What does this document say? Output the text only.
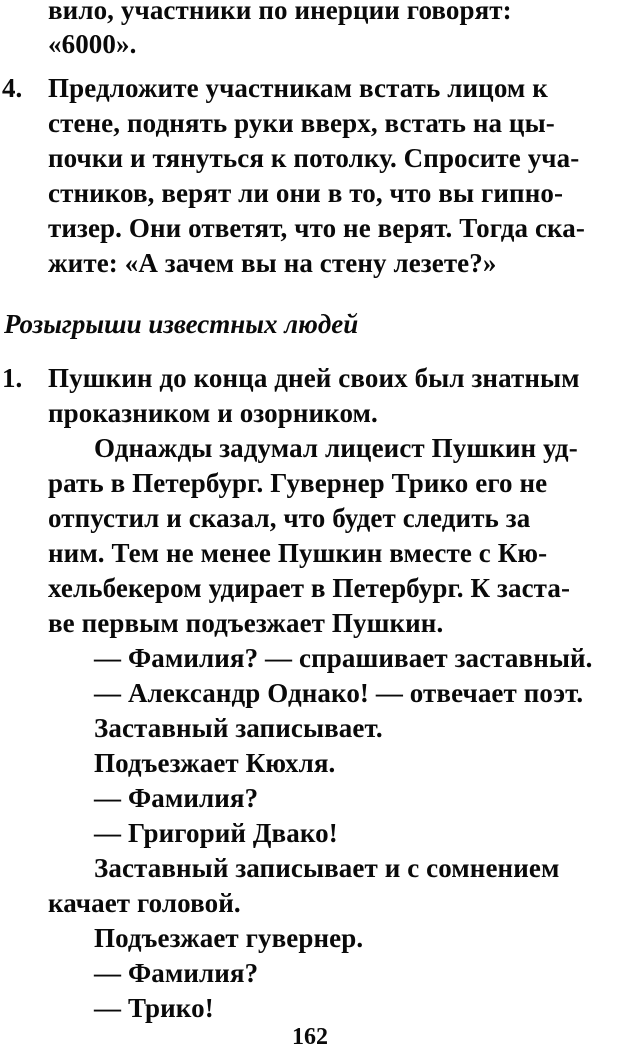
вило, участники по инерции говорят:
«6000».
4. Предложите участникам встать лицом к
стене, поднять руки вверх, встать на цы-
почки и тянуться к потолку. Спросите уча-
стников, верят ли они в то, что вы гипно-
тизер. Они ответят, что не верят. Тогда ска-
жите: «А зачем вы на стену лезете?»
Розыгрыши известных людей
1. Пушкин до конца дней своих был знатным
проказником и озорником.
Однажды задумал лицеист Пушкин уд-
рать в Петербург. Гувернер Трико его не
отпустил и сказал, что будет следить за
ним. Тем не менее Пушкин вместе с Кю-
хельбекером удирает в Петербург. К заста-
ве первым подъезжает Пушкин.
— Фамилия? — спрашивает заставный.
— Александр Однако! — отвечает поэт.
Заставный записывает.
Подъезжает Кюхля.
— Фамилия?
— Григорий Двако!
Заставный записывает и с сомнением
качает головой.
Подъезжает гувернер.
— Фамилия?
— Трико!
162
